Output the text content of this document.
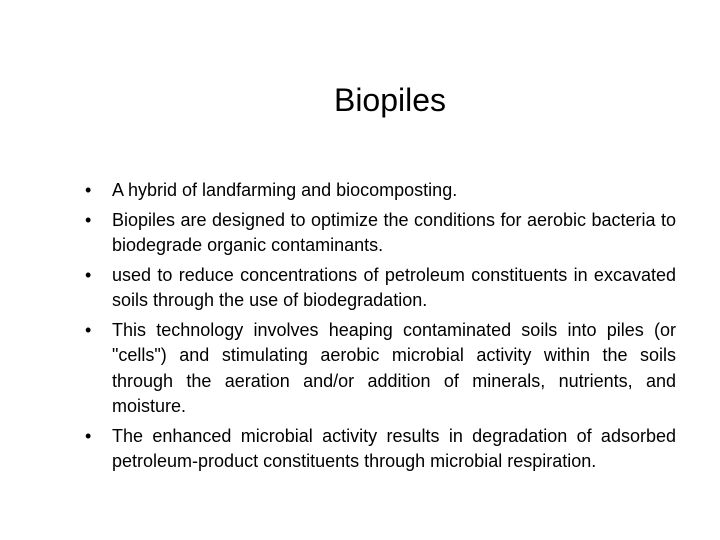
Biopiles
• A hybrid of landfarming and biocomposting.
• Biopiles are designed to optimize the conditions for aerobic bacteria to biodegrade organic contaminants.
• used to reduce concentrations of petroleum constituents in excavated soils through the use of biodegradation.
• This technology involves heaping contaminated soils into piles (or "cells") and stimulating aerobic microbial activity within the soils through the aeration and/or addition of minerals, nutrients, and moisture.
• The enhanced microbial activity results in degradation of adsorbed petroleum-product constituents through microbial respiration.
